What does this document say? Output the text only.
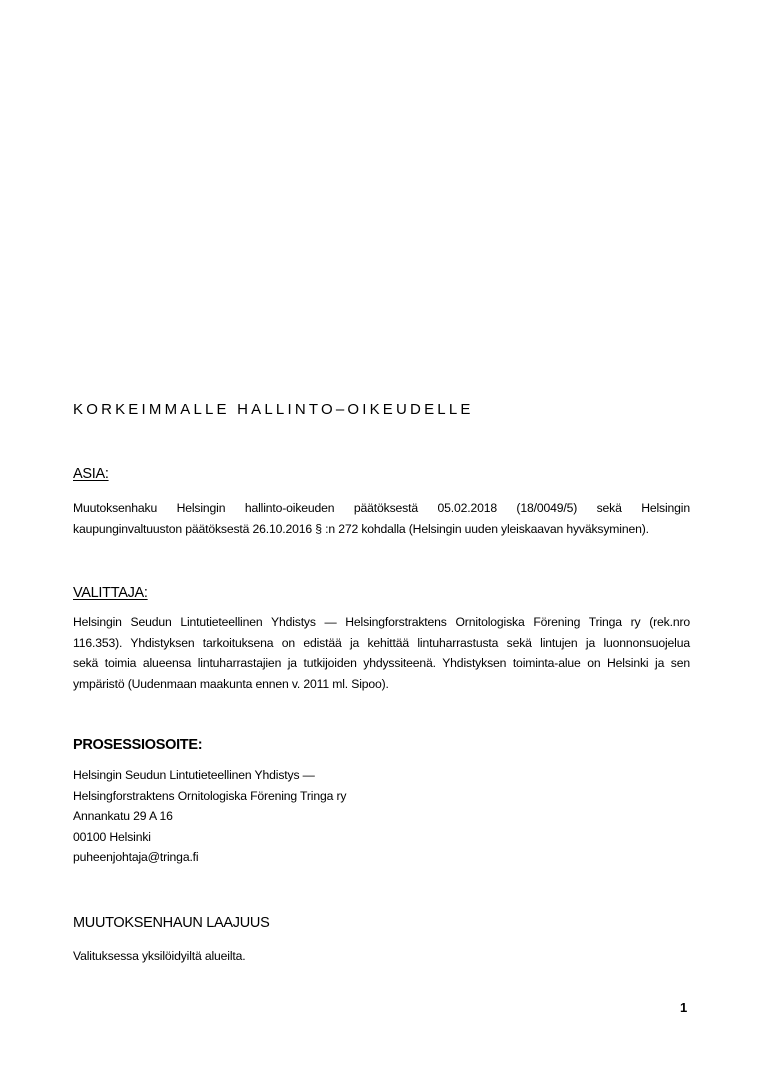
KORKEIMMALLE HALLINTO–OIKEUDELLE
ASIA:
Muutoksenhaku Helsingin hallinto-oikeuden päätöksestä 05.02.2018 (18/0049/5) sekä Helsingin
kaupunginvaltuuston päätöksestä 26.10.2016 § :n 272 kohdalla (Helsingin uuden yleiskaavan hyväksyminen).
VALITTAJA:
Helsingin Seudun Lintutieteellinen Yhdistys — Helsingforstraktens Ornitologiska Förening Tringa ry (rek.nro
116.353). Yhdistyksen tarkoituksena on edistää ja kehittää lintuharrastusta sekä lintujen ja luonnonsuojelua
sekä toimia alueensa lintuharrastajien ja tutkijoiden yhdyssiteenä. Yhdistyksen toiminta-alue on Helsinki ja sen
ympäristö (Uudenmaan maakunta ennen v. 2011 ml. Sipoo).
PROSESSIOSOITE:
Helsingin Seudun Lintutieteellinen Yhdistys —
Helsingforstraktens Ornitologiska Förening Tringa ry
Annankatu 29 A 16
00100 Helsinki
puheenjohtaja@tringa.fi
MUUTOKSENHAUN LAAJUUS
Valituksessa yksilöidyiltä alueilta.
1
